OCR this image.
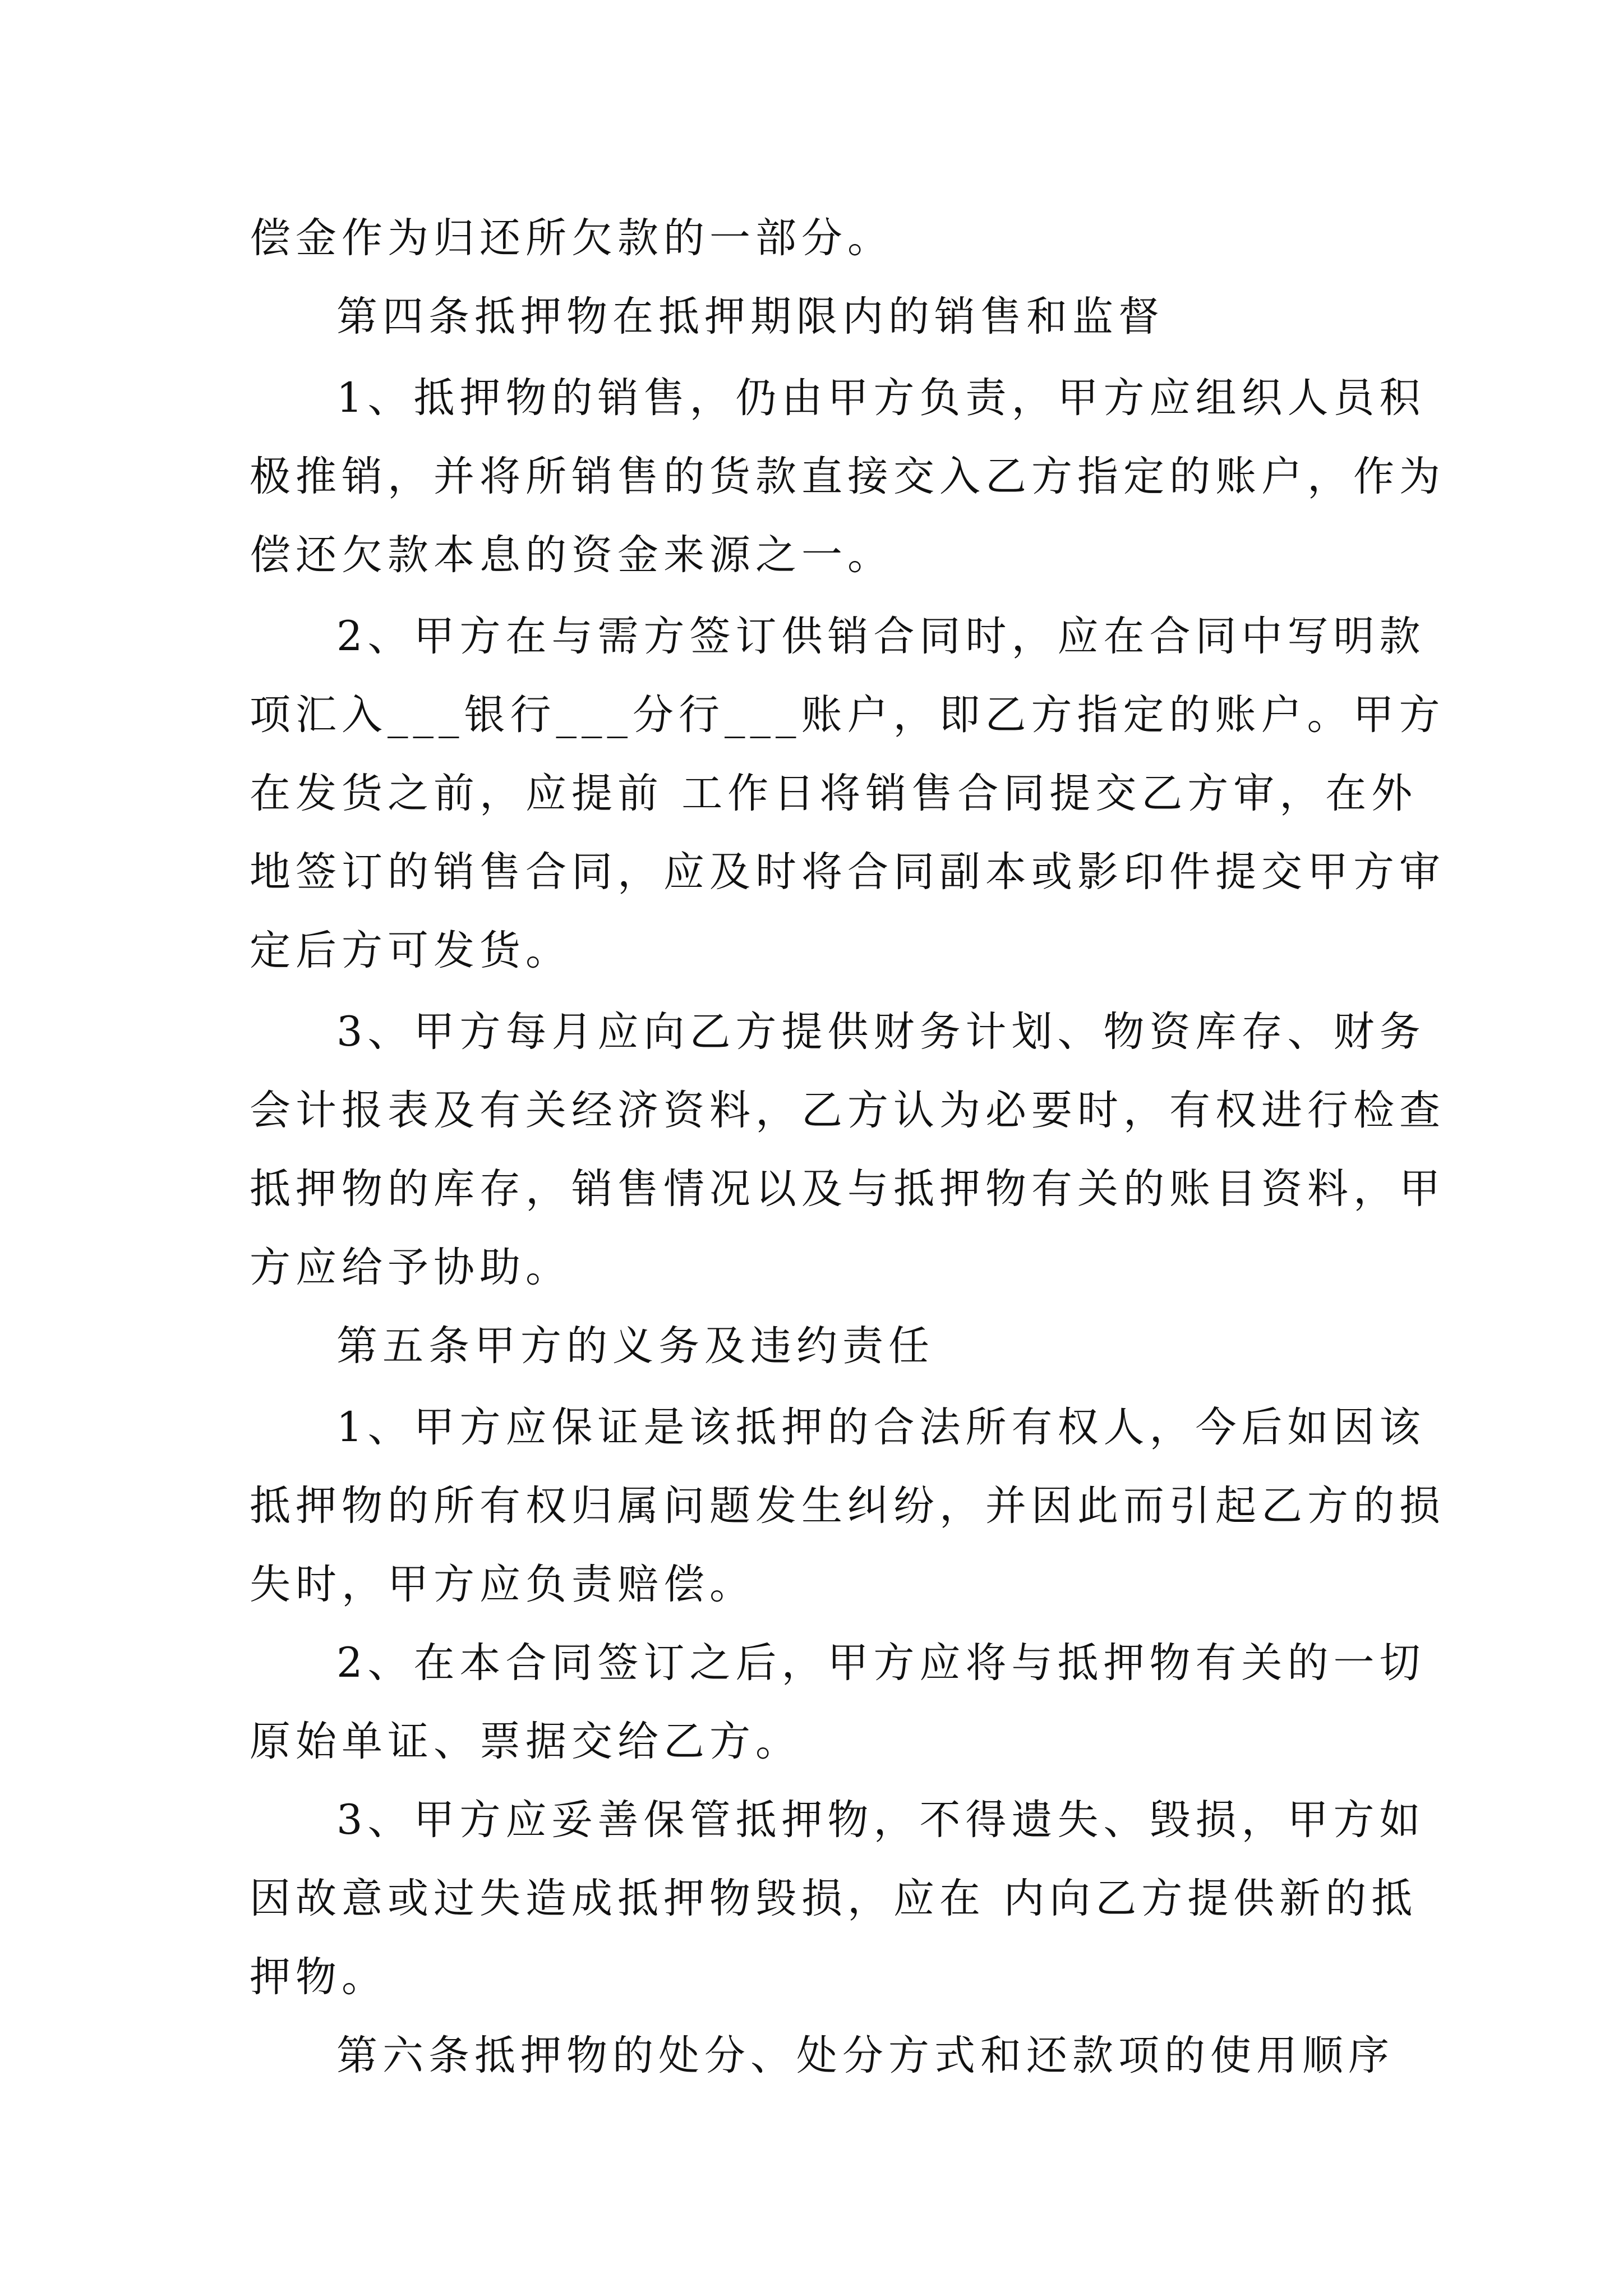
偿金作为归还所欠款的一部分。
第四条抵押物在抵押期限内的销售和监督
1、抵押物的销售，仍由甲方负责，甲方应组织人员积
极推销，并将所销售的货款直接交入乙方指定的账户，作为
偿还欠款本息的资金来源之一。
2、甲方在与需方签订供销合同时，应在合同中写明款
项汇入___银行___分行___账户，即乙方指定的账户。甲方
在发货之前，应提前 工作日将销售合同提交乙方审，在外
地签订的销售合同，应及时将合同副本或影印件提交甲方审
定后方可发货。
3、甲方每月应向乙方提供财务计划、物资库存、财务
会计报表及有关经济资料，乙方认为必要时，有权进行检查
抵押物的库存，销售情况以及与抵押物有关的账目资料，甲
方应给予协助。
第五条甲方的义务及违约责任
1、甲方应保证是该抵押的合法所有权人，今后如因该
抵押物的所有权归属问题发生纠纷，并因此而引起乙方的损
失时，甲方应负责赔偿。
2、在本合同签订之后，甲方应将与抵押物有关的一切
原始单证、票据交给乙方。
3、甲方应妥善保管抵押物，不得遗失、毁损，甲方如
因故意或过失造成抵押物毁损，应在 内向乙方提供新的抵
押物。
第六条抵押物的处分、处分方式和还款项的使用顺序
